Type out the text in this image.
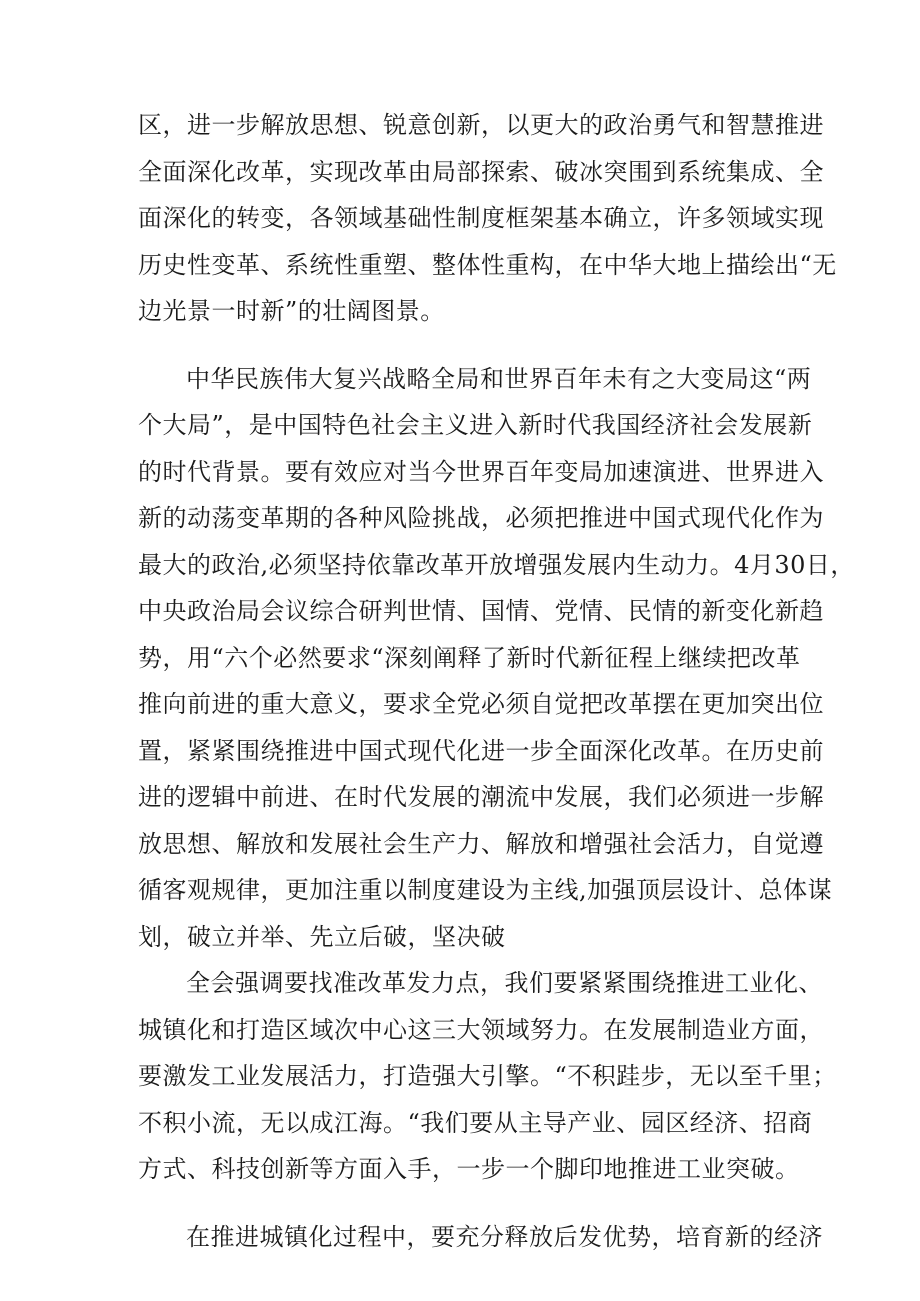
区，进一步解放思想、锐意创新，以更大的政治勇气和智慧推进
全面深化改革，实现改革由局部探索、破冰突围到系统集成、全
面深化的转变，各领域基础性制度框架基本确立，许多领域实现
历史性变革、系统性重塑、整体性重构，在中华大地上描绘出“无
边光景一时新”的壮阔图景。
中华民族伟大复兴战略全局和世界百年未有之大变局这“两
个大局”，是中国特色社会主义进入新时代我国经济社会发展新
的时代背景。要有效应对当今世界百年变局加速演进、世界进入
新的动荡变革期的各种风险挑战，必须把推进中国式现代化作为
最大的政治,必须坚持依靠改革开放增强发展内生动力。4月30日，
中央政治局会议综合研判世情、国情、党情、民情的新变化新趋
势，用“六个必然要求“深刻阐释了新时代新征程上继续把改革
推向前进的重大意义，要求全党必须自觉把改革摆在更加突出位
置，紧紧围绕推进中国式现代化进一步全面深化改革。在历史前
进的逻辑中前进、在时代发展的潮流中发展，我们必须进一步解
放思想、解放和发展社会生产力、解放和增强社会活力，自觉遵
循客观规律，更加注重以制度建设为主线,加强顶层设计、总体谋
划，破立并举、先立后破，坚决破
全会强调要找准改革发力点，我们要紧紧围绕推进工业化、
城镇化和打造区域次中心这三大领域努力。在发展制造业方面，
要激发工业发展活力，打造强大引擎。“不积跬步，无以至千里；
不积小流，无以成江海。“我们要从主导产业、园区经济、招商
方式、科技创新等方面入手，一步一个脚印地推进工业突破。
在推进城镇化过程中，要充分释放后发优势，培育新的经济
